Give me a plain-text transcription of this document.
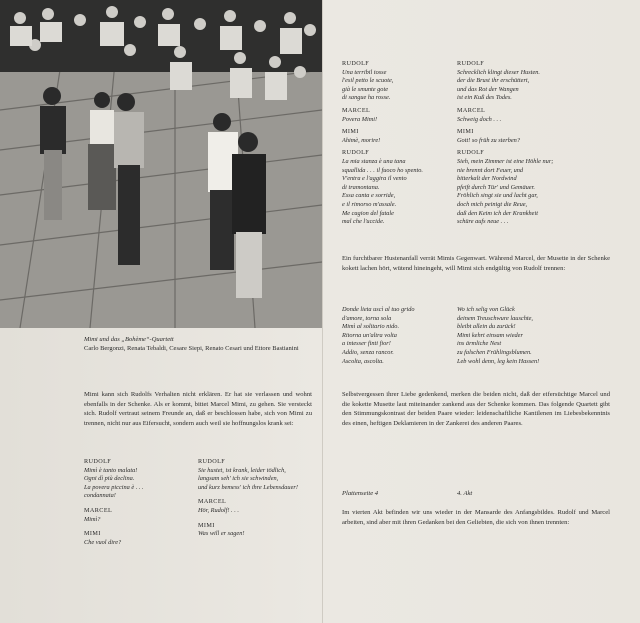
Mimi und das „Bohème“-Quartett
Carlo Bergonzi, Renata Tebaldi, Cesare Siepi, Renato Cesari und Ettore Bastianini
RUDOLF
Una terribil tosse
l'esil petto le scuote,
già le smunte gote
di sangue ha rosse.
MARCEL
Povera Mimi!
MIMI
Ahimè, morire!
RUDOLF
La mia stanza è una tana
squallida . . . il fuoco ho spento.
V'entra e l'aggira il vento
di tramontana.
Essa canta e sorride,
e il rimorso m'assale.
Me cagion del fatale
mal che l'uccide.
RUDOLF
Schrecklich klingt dieser Husten.
der die Brust ihr erschüttert,
und das Rot der Wangen
ist ein Kuß des Todes.
MARCEL
Schweig doch . . .
MIMI
Gott! so früh zu sterben?
RUDOLF
Sieh, mein Zimmer ist eine Höhle nur;
nie brennt dort Feuer, und
bitterkalt der Nordwind
pfeift durch Tür' und Gemäuer.
Fröhlich singt sie und lacht gar,
doch mich peinigt die Reue,
daß den Keim ich der Krankheit
schüre aufs neue . . .
Ein furchtbarer Hustenanfall verrät Mimis Gegenwart. Während Marcel, der Musette in der Schenke kokett lachen hört, wütend hineingeht, will Mimi sich endgültig von Rudolf trennen:
Donde lieta uscì al tuo grido
d'amore, torna sola
Mimì al solitario nido.
Ritorna un'altra volta
a intesser finti fior!
Addio, senza rancor.
Ascolta, ascolta.
Wo ich selig von Glück
deinem Treuschwure lauschte,
bleibt allein du zurück!
Mimi kehrt einsam wieder
ins ärmliche Nest
zu falschen Frühlingsblumen.
Leb wohl denn, leg kein Hassen!
Mimi kann sich Rudolfs Verhalten nicht erklären. Er hat sie verlassen und wohnt ebenfalls in der Schenke. Als er kommt, bittet Marcel Mimi, zu gehen. Sie versteckt sich. Rudolf vertraut seinem Freunde an, daß er beschlossen habe, sich von Mimi zu trennen, nicht nur aus Eifersucht, sondern auch weil sie hoffnungslos krank sei:
RUDOLF
Mimì è tanto malata!
Ogni dì più declina.
La povera piccina è . . .
condannata!
MARCEL
Mimì?
MIMI
Che vuol dire?
RUDOLF
Sie hustet, ist krank, leider tödlich,
langsam seh' ich sie schwinden,
und kurz bemess' ich ihre Lebensdauer!
MARCEL
Hör, Rudolf! . . .
MIMI
Was will er sagen!
Selbstvergessen ihrer Liebe gedenkend, merken die beiden nicht, daß der eifersüchtige Marcel und die kokette Musette laut miteinander zankend aus der Schenke kommen. Das folgende Quartett gibt den Stimmungskontrast der beiden Paare wieder: leidenschaftliche Kantilenen im Liebesbekenntnis des einen, heftigen Deklamieren in der Zankerei des anderen Paares.
Plattenseite 4	4. Akt
Im vierten Akt befinden wir uns wieder in der Mansarde des Anfangsbildes. Rudolf und Marcel arbeiten, sind aber mit ihren Gedanken bei den Geliebten, die sich von ihnen trennten:
